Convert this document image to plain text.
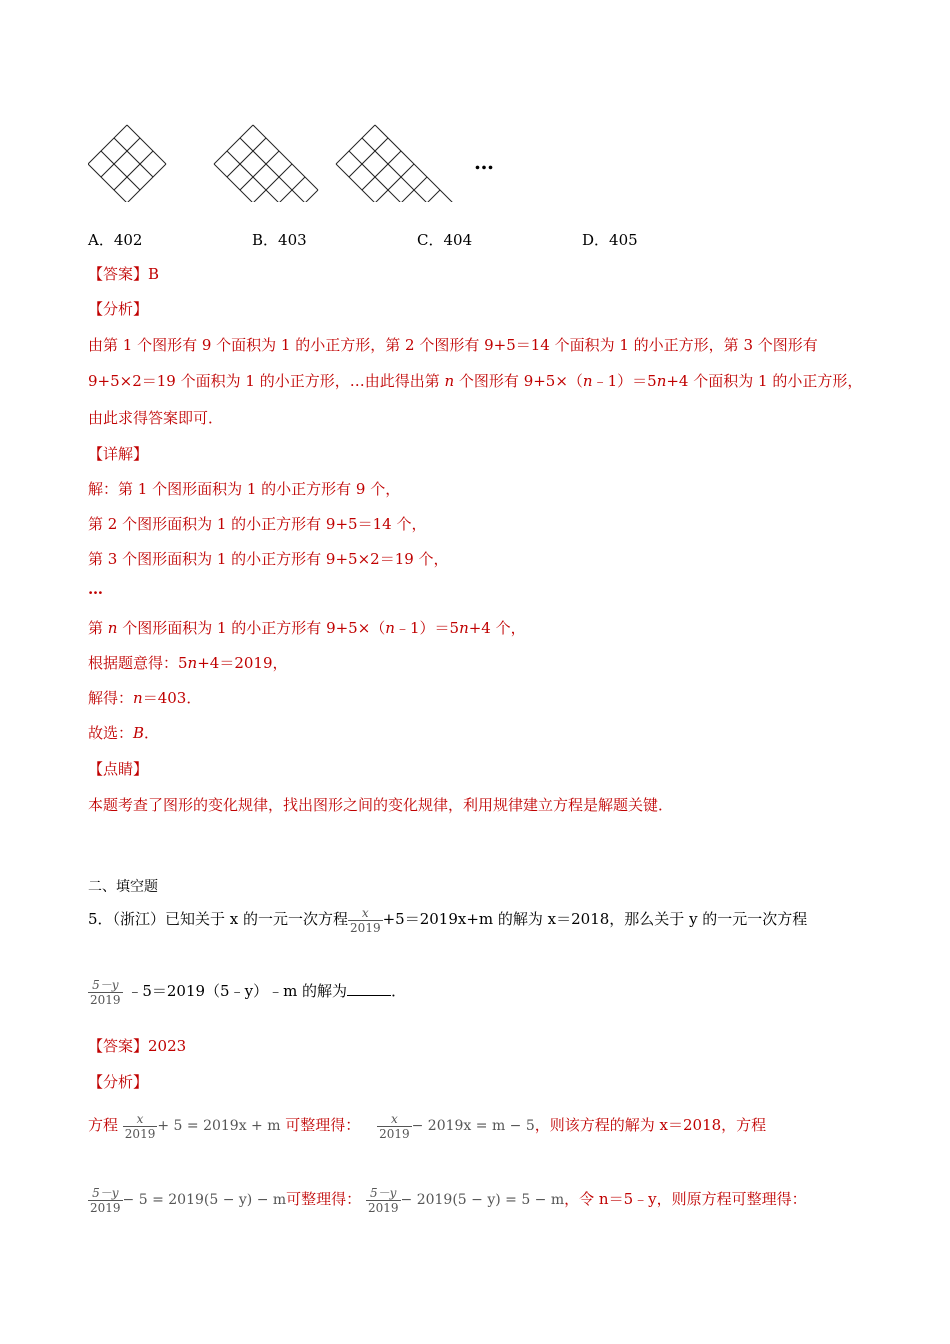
…
A．402	B．403	C．404	D．405
【答案】B
【分析】
由第 1 个图形有 9 个面积为 1 的小正方形，第 2 个图形有 9+5＝14 个面积为 1 的小正方形，第 3 个图形有
9+5×2＝19 个面积为 1 的小正方形，…由此得出第 n 个图形有 9+5×（n﹣1）＝5n+4 个面积为 1 的小正方形，
由此求得答案即可．
【详解】
解：第 1 个图形面积为 1 的小正方形有 9 个，
第 2 个图形面积为 1 的小正方形有 9+5＝14 个，
第 3 个图形面积为 1 的小正方形有 9+5×2＝19 个，
…
第 n 个图形面积为 1 的小正方形有 9+5×（n﹣1）＝5n+4 个，
根据题意得：5n+4＝2019，
解得：n＝403．
故选：B．
【点睛】
本题考查了图形的变化规律，找出图形之间的变化规律，利用规律建立方程是解题关键．
二、填空题
5．（浙江）已知关于 x 的一元一次方程 $\frac{x}{2019} +5=2019x+m$ 的解为 x＝2018，那么关于 y 的一元一次方程
$\frac{5-y}{2019}$ ﹣5＝2019（5﹣y）﹣m 的解为	．
【答案】2023
【分析】
方程 $\frac{x}{2019} + 5 = 2019x + m$ 可整理得： $\frac{x}{2019} - 2019x = m - 5$，则该方程的解为 x＝2018，方程
$\frac{5-y}{2019} - 5 = 2019(5 - y) - m$可整理得： $\frac{5-y}{2019} - 2019(5 - y) = 5 - m$，令 n＝5﹣y，则原方程可整理得：
